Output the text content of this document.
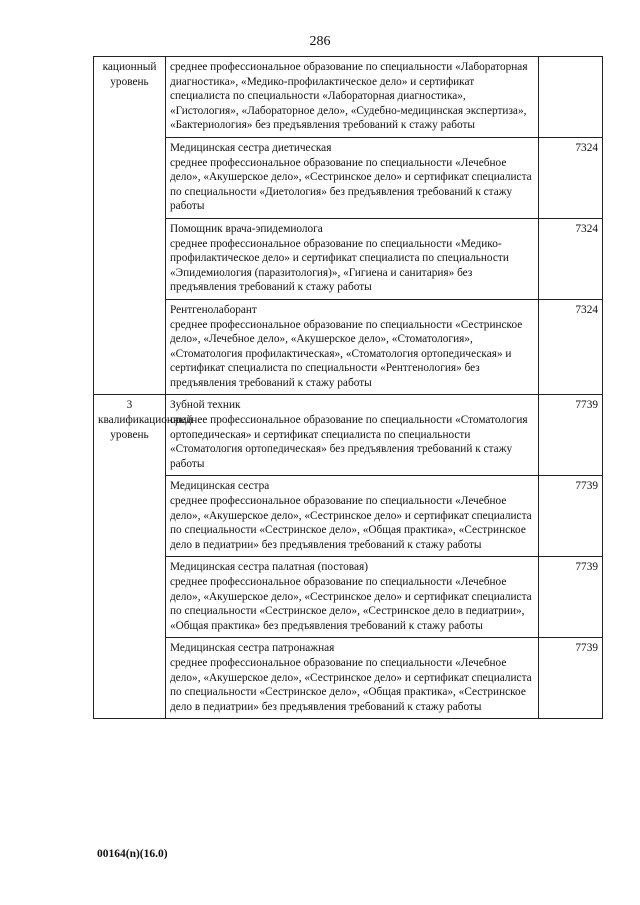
286
кационный уровень	среднее профессиональное образование по специальности «Лабораторная диагностика», «Медико-профилактическое дело» и сертификат специалиста по специальности «Лабораторная диагностика», «Гистология», «Лабораторное дело», «Судебно-медицинская экспертиза», «Бактериология» без предъявления требований к стажу работы	

	Медицинская сестра диетическая
среднее профессиональное образование по специальности «Лечебное дело», «Акушерское дело», «Сестринское дело» и сертификат специалиста по специальности «Диетология» без предъявления требований к стажу работы	7324

	Помощник врача-эпидемиолога
среднее профессиональное образование по специальности «Медико-профилактическое дело» и сертификат специалиста по специальности «Эпидемиология (паразитология)», «Гигиена и санитария» без предъявления требований к стажу работы	7324

	Рентгенолаборант
среднее профессиональное образование по специальности «Сестринское дело», «Лечебное дело», «Акушерское дело», «Стоматология», «Стоматология профилактическая», «Стоматология ортопедическая» и сертификат специалиста по специальности «Рентгенология» без предъявления требований к стажу работы	7324
3 квалификационный уровень	Зубной техник
среднее профессиональное образование по специальности «Стоматология ортопедическая» и сертификат специалиста по специальности «Стоматология ортопедическая» без предъявления требований к стажу работы	7739

	Медицинская сестра
среднее профессиональное образование по специальности «Лечебное дело», «Акушерское дело», «Сестринское дело» и сертификат специалиста по специальности «Сестринское дело», «Общая практика», «Сестринское дело в педиатрии» без предъявления требований к стажу работы	7739

	Медицинская сестра палатная (постовая)
среднее профессиональное образование по специальности «Лечебное дело», «Акушерское дело», «Сестринское дело» и сертификат специалиста по специальности «Сестринское дело», «Сестринское дело в педиатрии», «Общая практика» без предъявления требований к стажу работы	7739

	Медицинская сестра патронажная
среднее профессиональное образование по специальности «Лечебное дело», «Акушерское дело», «Сестринское дело» и сертификат специалиста по специальности «Сестринское дело», «Общая практика», «Сестринское дело в педиатрии» без предъявления требований к стажу работы	7739
00164(n)(16.0)
